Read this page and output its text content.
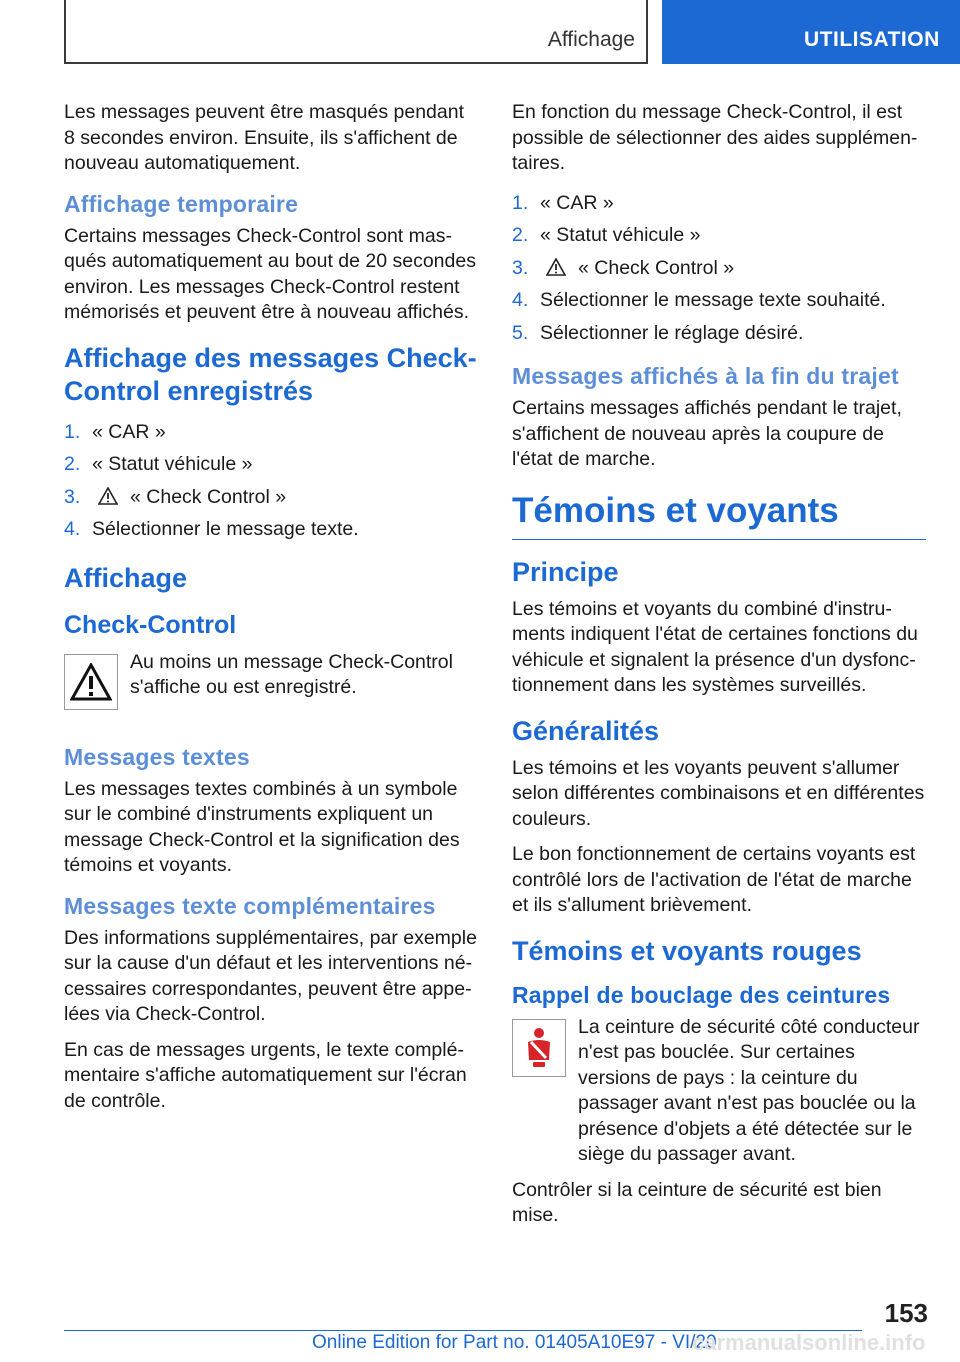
Affichage	UTILISATION

Les messages peuvent être masqués pendant 8 secondes environ. Ensuite, ils s'affichent de nouveau automatiquement.

Affichage temporaire

Certains messages Check-Control sont masqués automatiquement au bout de 20 secondes environ. Les messages Check-Control restent mémorisés et peuvent être à nouveau affichés.

Affichage des messages Check-Control enregistrés
1. « CAR »
2. « Statut véhicule »
3.	« Check Control »
4. Sélectionner le message texte.
Affichage
Check-Control

Au moins un message Check-Control s'affiche ou est enregistré.

Messages textes

Les messages textes combinés à un symbole sur le combiné d'instruments expliquent un message Check-Control et la signification des témoins et voyants.

Messages texte complémentaires

Des informations supplémentaires, par exemple sur la cause d'un défaut et les interventions nécessaires correspondantes, peuvent être appelées via Check-Control.

En cas de messages urgents, le texte complémentaire s'affiche automatiquement sur l'écran de contrôle.

En fonction du message Check-Control, il est possible de sélectionner des aides supplémentaires.

1. « CAR »
2. « Statut véhicule »
3.	« Check Control »
4. Sélectionner le message texte souhaité.
5. Sélectionner le réglage désiré.
Messages affichés à la fin du trajet

Certains messages affichés pendant le trajet, s'affichent de nouveau après la coupure de l'état de marche.

Témoins et voyants
Principe

Les témoins et voyants du combiné d'instruments indiquent l'état de certaines fonctions du véhicule et signalent la présence d'un dysfonctionnement dans les systèmes surveillés.

Généralités

Les témoins et les voyants peuvent s'allumer selon différentes combinaisons et en différentes couleurs.

Le bon fonctionnement de certains voyants est contrôlé lors de l'activation de l'état de marche et ils s'allument brièvement.

Témoins et voyants rouges
Rappel de bouclage des ceintures

La ceinture de sécurité côté conducteur n'est pas bouclée. Sur certaines versions de pays : la ceinture du passager avant n'est pas bouclée ou la présence d'objets a été détectée sur le siège du passager avant.

Contrôler si la ceinture de sécurité est bien mise.

153
Online Edition for Part no. 01405A10E97 - VI/20
carmanualsonline.info
